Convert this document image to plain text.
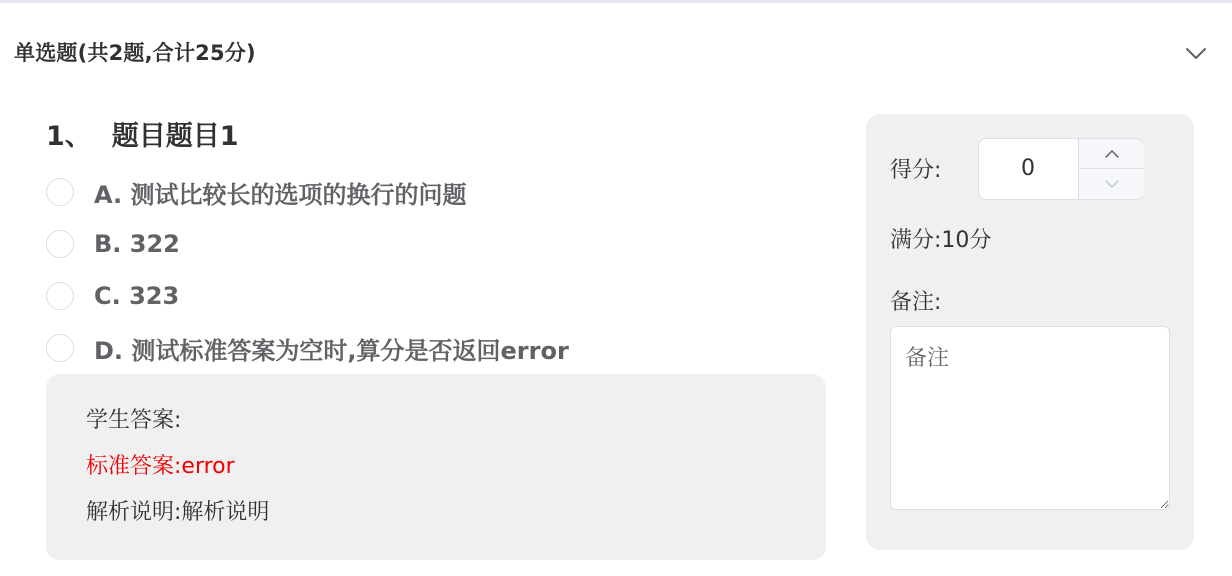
单选题(共2题,合计25分)
1、 题目题目1
A. 测试比较长的选项的换行的问题
B. 322
C. 323
D. 测试标准答案为空时,算分是否返回error
学生答案:
标准答案:error
解析说明:解析说明
得分:	0
满分:10分
备注:
备注
